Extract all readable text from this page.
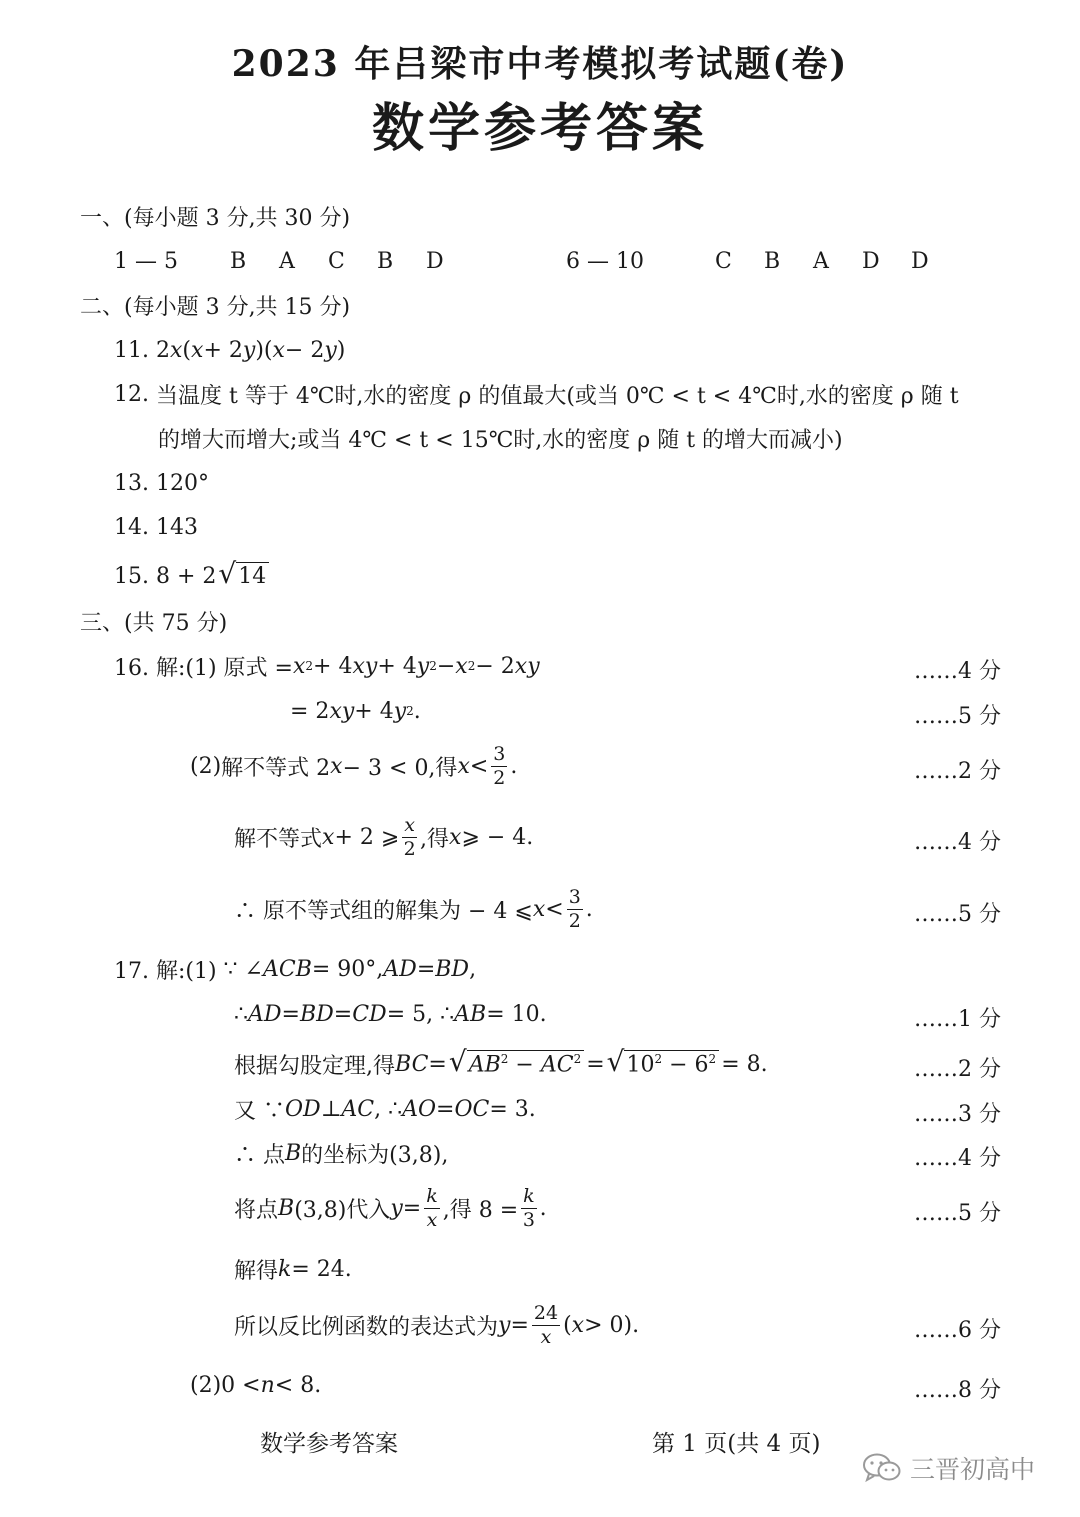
2023 年吕梁市中考模拟考试题(卷)
数学参考答案
一、(每小题 3 分,共 30 分)
1 — 5	B	A	C	B	D	6 — 10	C	B	A	D	D
二、(每小题 3 分,共 15 分)
11. 2 x ( x + 2 y )( x − 2 y )
12.
当温度 t 等于 4℃时,水的密度 ρ 的值最大(或当 0℃ < t < 4℃时,水的密度 ρ 随 t
的增大而增大;或当 4℃ < t < 15℃时,水的密度 ρ 随 t 的增大而减小)
13.
120°
14.
143
15.
8 + 2 √ 14
三、(共 75 分)
16. 解:(1) 原式 = x 2 + 4 xy + 4 y 2 − x 2 − 2 xy	……4 分
= 2 xy + 4 y 2 .	……5 分
(2) 解不等式 2 x − 3 < 0,得 $x < \frac{3}{2}$ .	……2 分
解不等式 x + 2 ⩾ $\frac{x}{2}$ ,得 x ⩾ − 4.	……4 分
∴ 原不等式组的解集为 − 4 ⩽ $x < \frac{3}{2}$ .	……5 分
17. 解:(1) ∵ ∠ ACB = 90°, AD = BD ,
∴ AD = BD = CD = 5, ∴ AB = 10.	……1 分
根据勾股定理,得 BC = √ $AB^2 - AC^2$ = √ $10^2 - 6^2 = 8$.	……2 分
又 ∵ OD ⊥ AC , ∴ AO = OC = 3.	……3 分
∴ 点 B 的坐标为(3,8),	……4 分
将点 B (3,8)代入 $y = \frac{k}{x}$ ,得 $8 = \frac{k}{3}$ .	……5 分
解得 k = 24.
所以反比例函数的表达式为 $y = \frac{24}{x}$ ( x > 0).	……6 分
(2) 0 < n < 8.	……8 分
数学参考答案	第 1 页(共 4 页)
三晋初高中
